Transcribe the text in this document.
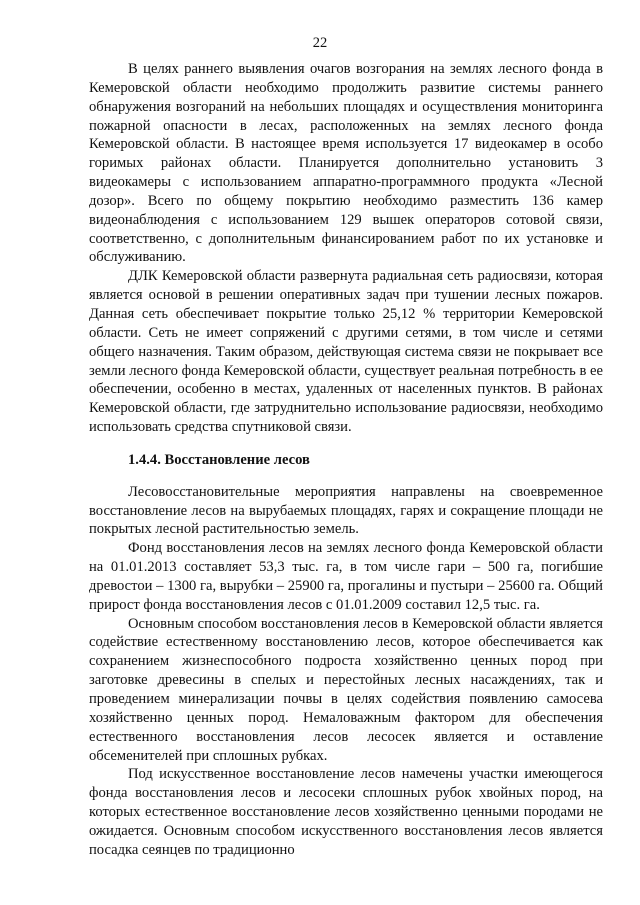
22

В целях раннего выявления очагов возгорания на землях лесного фонда в Кемеровской области необходимо продолжить развитие системы раннего обнаружения возгораний на небольших площадях и осуществления мониторинга пожарной опасности в лесах, расположенных на землях лесного фонда Кемеровской области. В настоящее время используется 17 видеокамер в особо горимых районах области. Планируется дополнительно установить 3 видеокамеры с использованием аппаратно-программного продукта «Лесной дозор». Всего по общему покрытию необходимо разместить 136 камер видеонаблюдения с использованием 129 вышек операторов сотовой связи, соответственно, с дополнительным финансированием работ по их установке и обслуживанию.

ДЛК Кемеровской области развернута радиальная сеть радиосвязи, которая является основой в решении оперативных задач при тушении лесных пожаров. Данная сеть обеспечивает покрытие только 25,12 % территории Кемеровской области. Сеть не имеет сопряжений с другими сетями, в том числе и сетями общего назначения. Таким образом, действующая система связи не покрывает все земли лесного фонда Кемеровской области, существует реальная потребность в ее обеспечении, особенно в местах, удаленных от населенных пунктов. В районах Кемеровской области, где затруднительно использование радиосвязи, необходимо использовать средства спутниковой связи.

1.4.4. Восстановление лесов

Лесовосстановительные мероприятия направлены на своевременное восстановление лесов на вырубаемых площадях, гарях и сокращение площади не покрытых лесной растительностью земель.

Фонд восстановления лесов на землях лесного фонда Кемеровской области на 01.01.2013 составляет 53,3 тыс. га, в том числе гари – 500 га, погибшие древостои – 1300 га, вырубки – 25900 га, прогалины и пустыри – 25600 га. Общий прирост фонда восстановления лесов с 01.01.2009 составил 12,5 тыс. га.

Основным способом восстановления лесов в Кемеровской области является содействие естественному восстановлению лесов, которое обеспечивается как сохранением жизнеспособного подроста хозяйственно ценных пород при заготовке древесины в спелых и перестойных лесных насаждениях, так и проведением минерализации почвы в целях содействия появлению самосева хозяйственно ценных пород. Немаловажным фактором для обеспечения естественного восстановления лесов лесосек является и оставление обсеменителей при сплошных рубках.

Под искусственное восстановление лесов намечены участки имеющегося фонда восстановления лесов и лесосеки сплошных рубок хвойных пород, на которых естественное восстановление лесов хозяйственно ценными породами не ожидается. Основным способом искусственного восстановления лесов является посадка сеянцев по традиционно
